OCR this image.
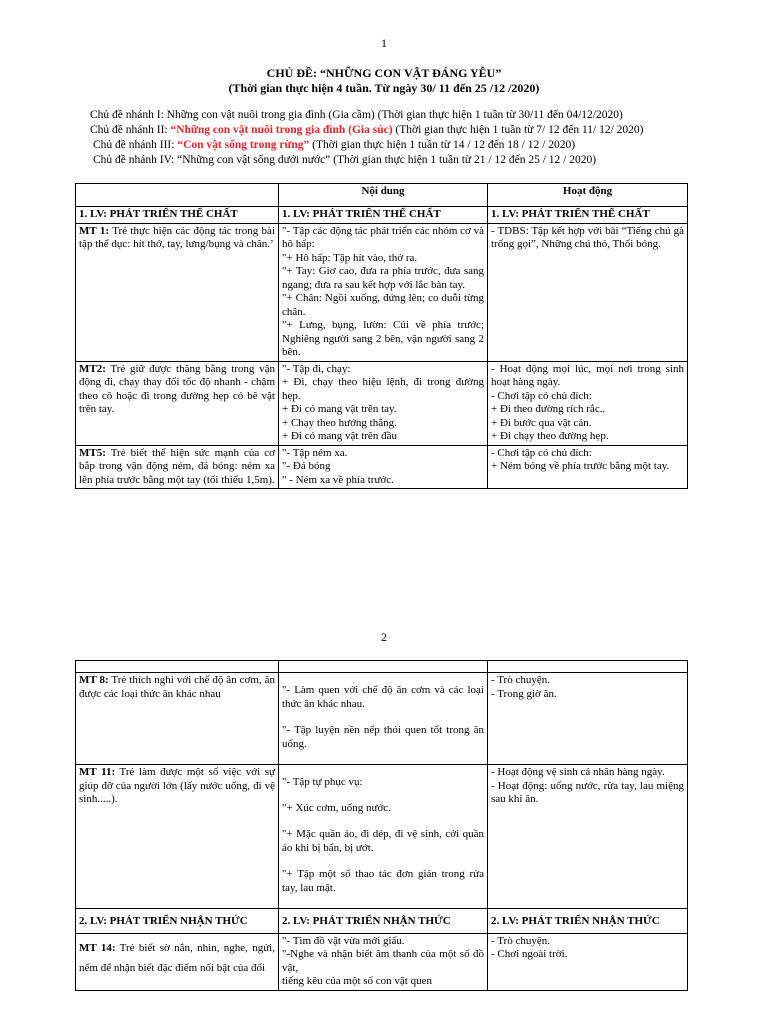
1
CHỦ ĐỀ: “NHỮNG CON VẬT ĐÁNG YÊU”
(Thời gian thực hiện 4 tuần. Từ ngày 30/ 11 đến 25 /12 /2020)
Chủ đề nhánh I: Những con vật nuôi trong gia đình (Gia cầm) (Thời gian thực hiện 1 tuần từ 30/11 đến 04/12/2020)
Chủ đề nhánh II: “Những con vật nuôi trong gia đình (Gia súc) (Thời gian thực hiện 1 tuần từ 7/ 12 đến 11/ 12/ 2020)
Chủ đề nhánh III: “Con vật sống trong rừng” (Thời gian thực hiện 1 tuần từ 14 / 12 đến 18 / 12 / 2020)
Chủ đề nhánh IV: “Những con vật sống dưới nước” (Thời gian thực hiện 1 tuần từ 21 / 12 đến 25 / 12 / 2020)
	Nội dung	Hoạt động
1. LV: PHÁT TRIỂN THỂ CHẤT	1. LV: PHÁT TRIỂN THỂ CHẤT	1. LV: PHÁT TRIỂN THỂ CHẤT
MT 1: Trẻ thực hiện các động tác trong bài tập thể dục: hít thở, tay, lưng/bụng và chân.’	"- Tập các động tác phát triển các nhóm cơ và hô hấp:
"+ Hô hấp: Tập hít vào, thở ra.
"+ Tay: Giơ cao, đưa ra phía trước, đưa sang ngang; đưa ra sau kết hợp với lắc bàn tay.
"+ Chân: Ngồi xuống, đứng lên; co duỗi từng chân.
"+ Lưng, bụng, lườn: Cúi về phía trước; Nghiêng người sang 2 bên, vặn người sang 2 bên.	- TDBS: Tập kết hợp với bài “Tiếng chú gà trống gọi”, Những chú thỏ, Thổi bóng.

MT2: Trẻ giữ được thăng bằng trong vận động đi, chạy thay đổi tốc độ nhanh - chậm theo cô hoặc đi trong đường hẹp có bê vật trên tay.	"- Tập đi, chạy:
+ Đi, chạy theo hiệu lệnh, đi trong đường hẹp.
+ Đi có mang vật trên tay.
+ Chạy theo hướng thẳng.
+ Đi có mang vật trên đầu	- Hoạt động mọi lúc, mọi nơi trong sinh hoạt hàng ngày.
- Chơi tập có chủ đích:
+ Đi theo đường rích rắc..
+ Đi bước qua vật cản.
+ Đi chạy theo đường hẹp.

MT5: Trẻ biết thể hiện sức mạnh của cơ bắp trong vận động ném, đá bóng: ném xa lên phía trước bằng một tay (tối thiểu 1,5m).	"- Tập ném xa.
"- Đá bóng
" - Ném xa về phía trước.	- Chơi tập có chủ đích:
+ Ném bóng về phía trước bằng một tay.
2

MT 8: Trẻ thích nghi với chế độ ăn cơm, ăn được các loại thức ăn khác nhau	"- Làm quen với chế độ ăn cơm và các loại thức ăn khác nhau.
"- Tập luyện nền nếp thói quen tốt trong ăn uống.	- Trò chuyện.
- Trong giờ ăn.

MT 11: Trẻ làm được một số việc với sự giúp đỡ của người lớn (lấy nước uống, đi vệ sinh.....).	"- Tập tự phục vụ:
"+ Xúc cơm, uống nước.
"+ Mặc quần áo, đi dép, đi vệ sinh, cởi quần áo khi bị bẩn, bị ướt.
"+ Tập một số thao tác đơn giản trong rửa tay, lau mặt.	- Hoạt động vệ sinh cá nhân hàng ngày.
- Hoạt động: uống nước, rửa tay, lau miệng sau khi ăn.

2. LV: PHÁT TRIỂN NHẬN THỨC	2. LV: PHÁT TRIỂN NHẬN THỨC	2. LV: PHÁT TRIỂN NHẬN THỨC
MT 14: Trẻ biết sờ nắn, nhìn, nghe, ngửi, nếm để nhận biết đặc điểm nổi bật của đối	"- Tìm đồ vật vừa mới giấu.
"-Nghe và nhận biết âm thanh của một số đồ vật,
tiếng kêu của một số con vật quen	- Trò chuyện.
- Chơi ngoài trời.
